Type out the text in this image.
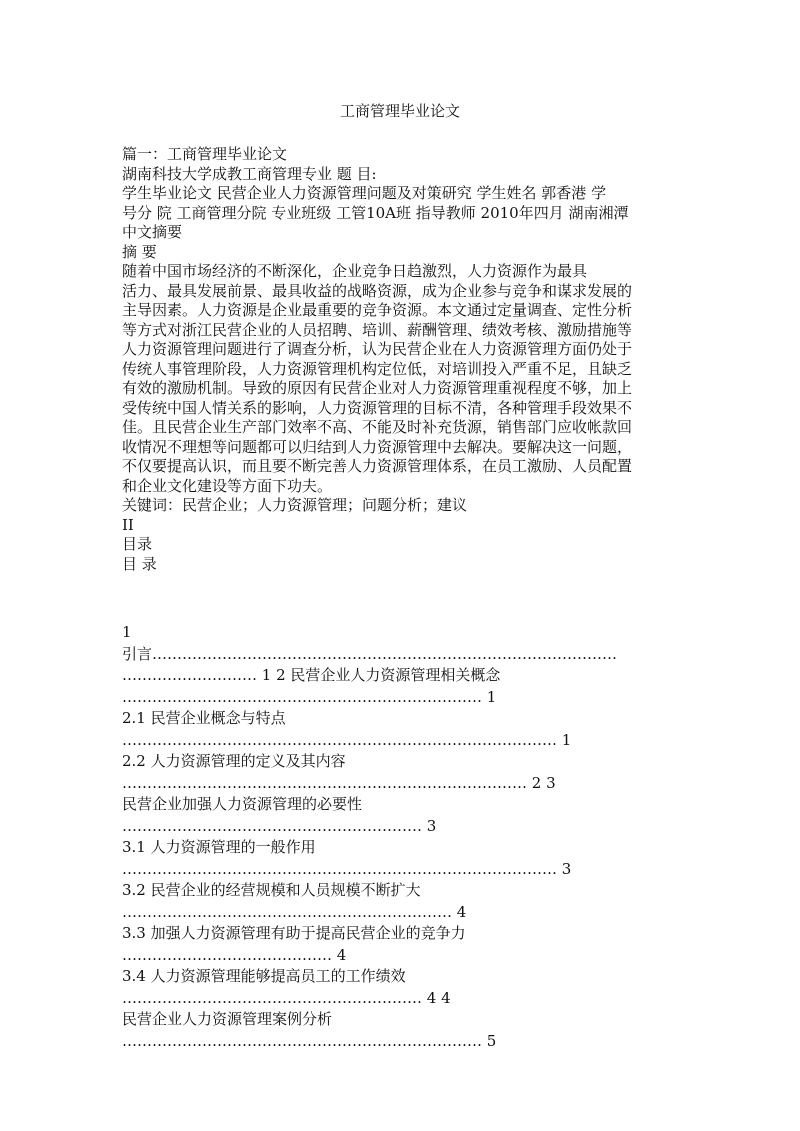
工商管理毕业论文
篇一：工商管理毕业论文
湖南科技大学成教工商管理专业 题 目:
学生毕业论文 民营企业人力资源管理问题及对策研究 学生姓名 郭香港 学
号分 院 工商管理分院 专业班级 工管10A班 指导教师 2010年四月 湖南湘潭
中文摘要
摘 要
随着中国市场经济的不断深化，企业竞争日趋激烈，人力资源作为最具
活力、最具发展前景、最具收益的战略资源，成为企业参与竞争和谋求发展的
主导因素。人力资源是企业最重要的竞争资源。本文通过定量调查、定性分析
等方式对浙江民营企业的人员招聘、培训、薪酬管理、绩效考核、激励措施等
人力资源管理问题进行了调查分析，认为民营企业在人力资源管理方面仍处于
传统人事管理阶段，人力资源管理机构定位低，对培训投入严重不足，且缺乏
有效的激励机制。导致的原因有民营企业对人力资源管理重视程度不够，加上
受传统中国人情关系的影响，人力资源管理的目标不清，各种管理手段效果不
佳。且民营企业生产部门效率不高、不能及时补充货源，销售部门应收帐款回
收情况不理想等问题都可以归结到人力资源管理中去解决。要解决这一问题，
不仅要提高认识，而且要不断完善人力资源管理体系，在员工激励、人员配置
和企业文化建设等方面下功夫。
关键词：民营企业；人力资源管理；问题分析；建议
II
目录
目 录
1
引言…………………………………………………………………………………
……………………… 1 2 民营企业人力资源管理相关概念
……………………………………………………………… 1
2.1 民营企业概念与特点
…………………………………………………………………………… 1
2.2 人力资源管理的定义及其内容
……………………………………………………………………… 2 3
民营企业加强人力资源管理的必要性
…………………………………………………… 3
3.1 人力资源管理的一般作用
…………………………………………………………………………… 3
3.2 民营企业的经营规模和人员规模不断扩大
………………………………………………………… 4
3.3 加强人力资源管理有助于提高民营企业的竞争力
…………………………………… 4
3.4 人力资源管理能够提高员工的工作绩效
…………………………………………………… 4 4
民营企业人力资源管理案例分析
……………………………………………………………… 5
